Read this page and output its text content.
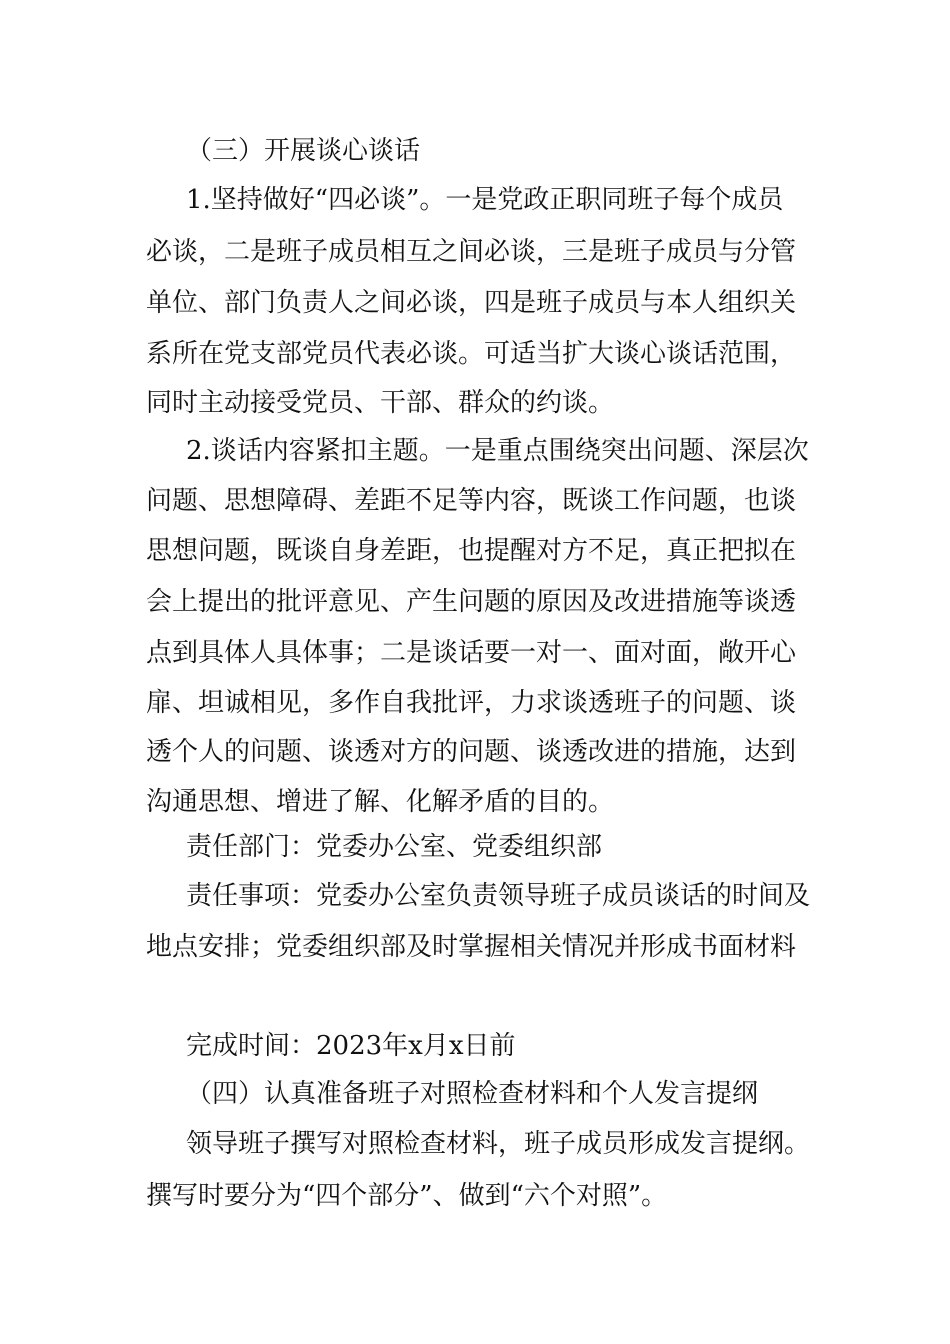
（三）开展谈心谈话
1.坚持做好“四必谈”。一是党政正职同班子每个成员
必谈，二是班子成员相互之间必谈，三是班子成员与分管
单位、部门负责人之间必谈，四是班子成员与本人组织关
系所在党支部党员代表必谈。可适当扩大谈心谈话范围，
同时主动接受党员、干部、群众的约谈。
2.谈话内容紧扣主题。一是重点围绕突出问题、深层次
问题、思想障碍、差距不足等内容，既谈工作问题，也谈
思想问题，既谈自身差距，也提醒对方不足，真正把拟在
会上提出的批评意见、产生问题的原因及改进措施等谈透
点到具体人具体事；二是谈话要一对一、面对面，敞开心
扉、坦诚相见，多作自我批评，力求谈透班子的问题、谈
透个人的问题、谈透对方的问题、谈透改进的措施，达到
沟通思想、增进了解、化解矛盾的目的。
责任部门：党委办公室、党委组织部
责任事项：党委办公室负责领导班子成员谈话的时间及
地点安排；党委组织部及时掌握相关情况并形成书面材料
完成时间：2023年x月x日前
（四）认真准备班子对照检查材料和个人发言提纲
领导班子撰写对照检查材料，班子成员形成发言提纲。
撰写时要分为“四个部分”、做到“六个对照”。
